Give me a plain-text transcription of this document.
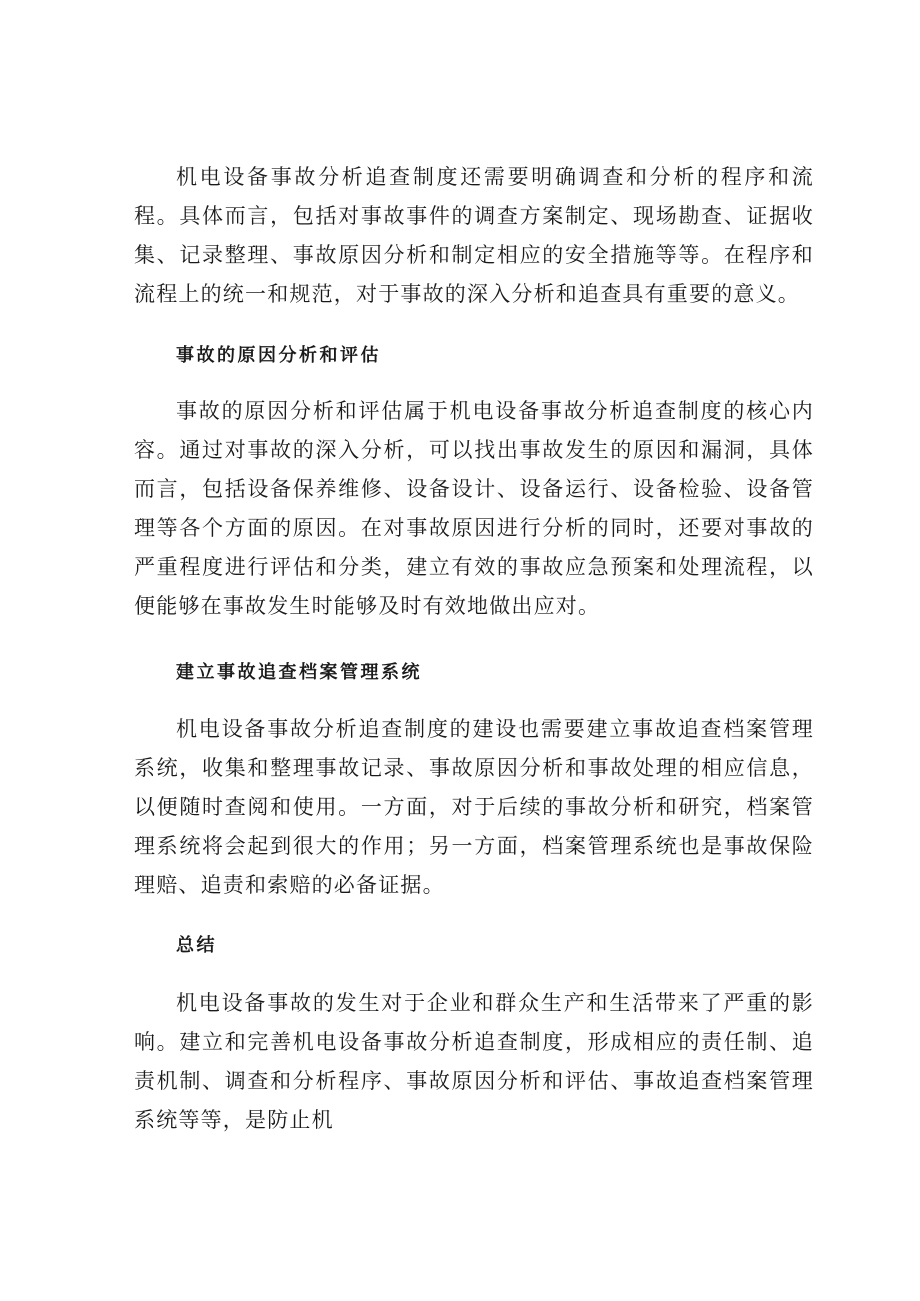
机电设备事故分析追查制度还需要明确调查和分析的程序和流程。具体而言，包括对事故事件的调查方案制定、现场勘查、证据收集、记录整理、事故原因分析和制定相应的安全措施等等。在程序和流程上的统一和规范，对于事故的深入分析和追查具有重要的意义。

事故的原因分析和评估

事故的原因分析和评估属于机电设备事故分析追查制度的核心内容。通过对事故的深入分析，可以找出事故发生的原因和漏洞，具体而言，包括设备保养维修、设备设计、设备运行、设备检验、设备管理等各个方面的原因。在对事故原因进行分析的同时，还要对事故的严重程度进行评估和分类，建立有效的事故应急预案和处理流程，以便能够在事故发生时能够及时有效地做出应对。

建立事故追查档案管理系统

机电设备事故分析追查制度的建设也需要建立事故追查档案管理系统，收集和整理事故记录、事故原因分析和事故处理的相应信息，以便随时查阅和使用。一方面，对于后续的事故分析和研究，档案管理系统将会起到很大的作用；另一方面，档案管理系统也是事故保险理赔、追责和索赔的必备证据。

总结

机电设备事故的发生对于企业和群众生产和生活带来了严重的影响。建立和完善机电设备事故分析追查制度，形成相应的责任制、追责机制、调查和分析程序、事故原因分析和评估、事故追查档案管理系统等等，是防止机
